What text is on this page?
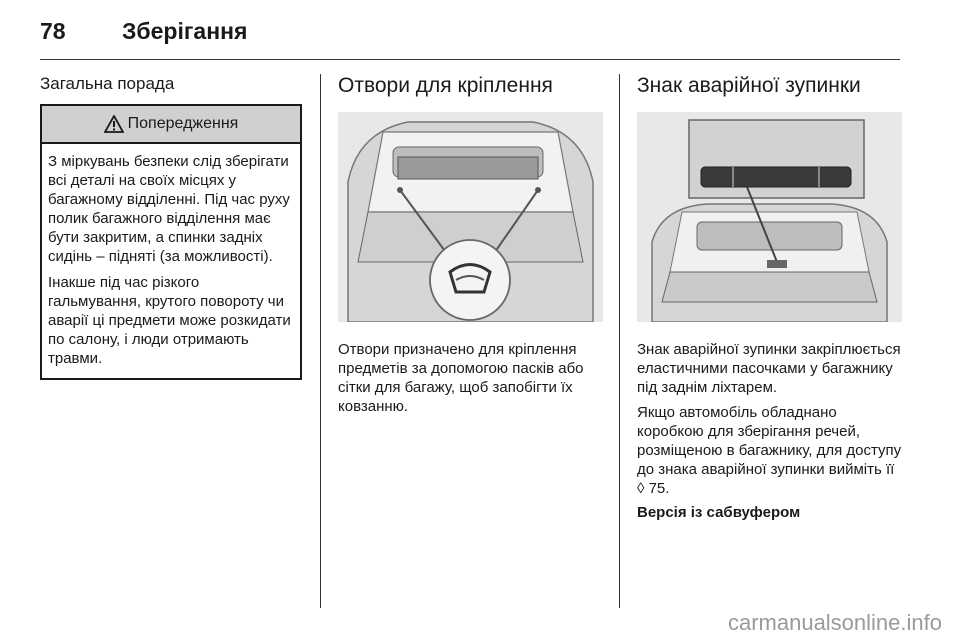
78 Зберігання
Загальна порада
Попередження

З міркувань безпеки слід зберігати всі деталі на своїх місцях у багажному відділенні. Під час руху полик багажного відділення має бути закритим, а спинки задніх сидінь – підняті (за можливості).

Інакше під час різкого гальмування, крутого повороту чи аварії ці предмети може розкидати по салону, і люди отримають травми.

Отвори для кріплення

Отвори призначено для кріплення предметів за допомогою пасків або сітки для багажу, щоб запобігти їх ковзанню.

Знак аварійної зупинки

Знак аварійної зупинки закріплюється еластичними пасочками у багажнику під заднім ліхтарем.

Якщо автомобіль обладнано коробкою для зберігання речей, розміщеною в багажнику, для доступу до знака аварійної зупинки вийміть її ◊ 75.

Версія із сабвуфером
carmanualsonline.info
